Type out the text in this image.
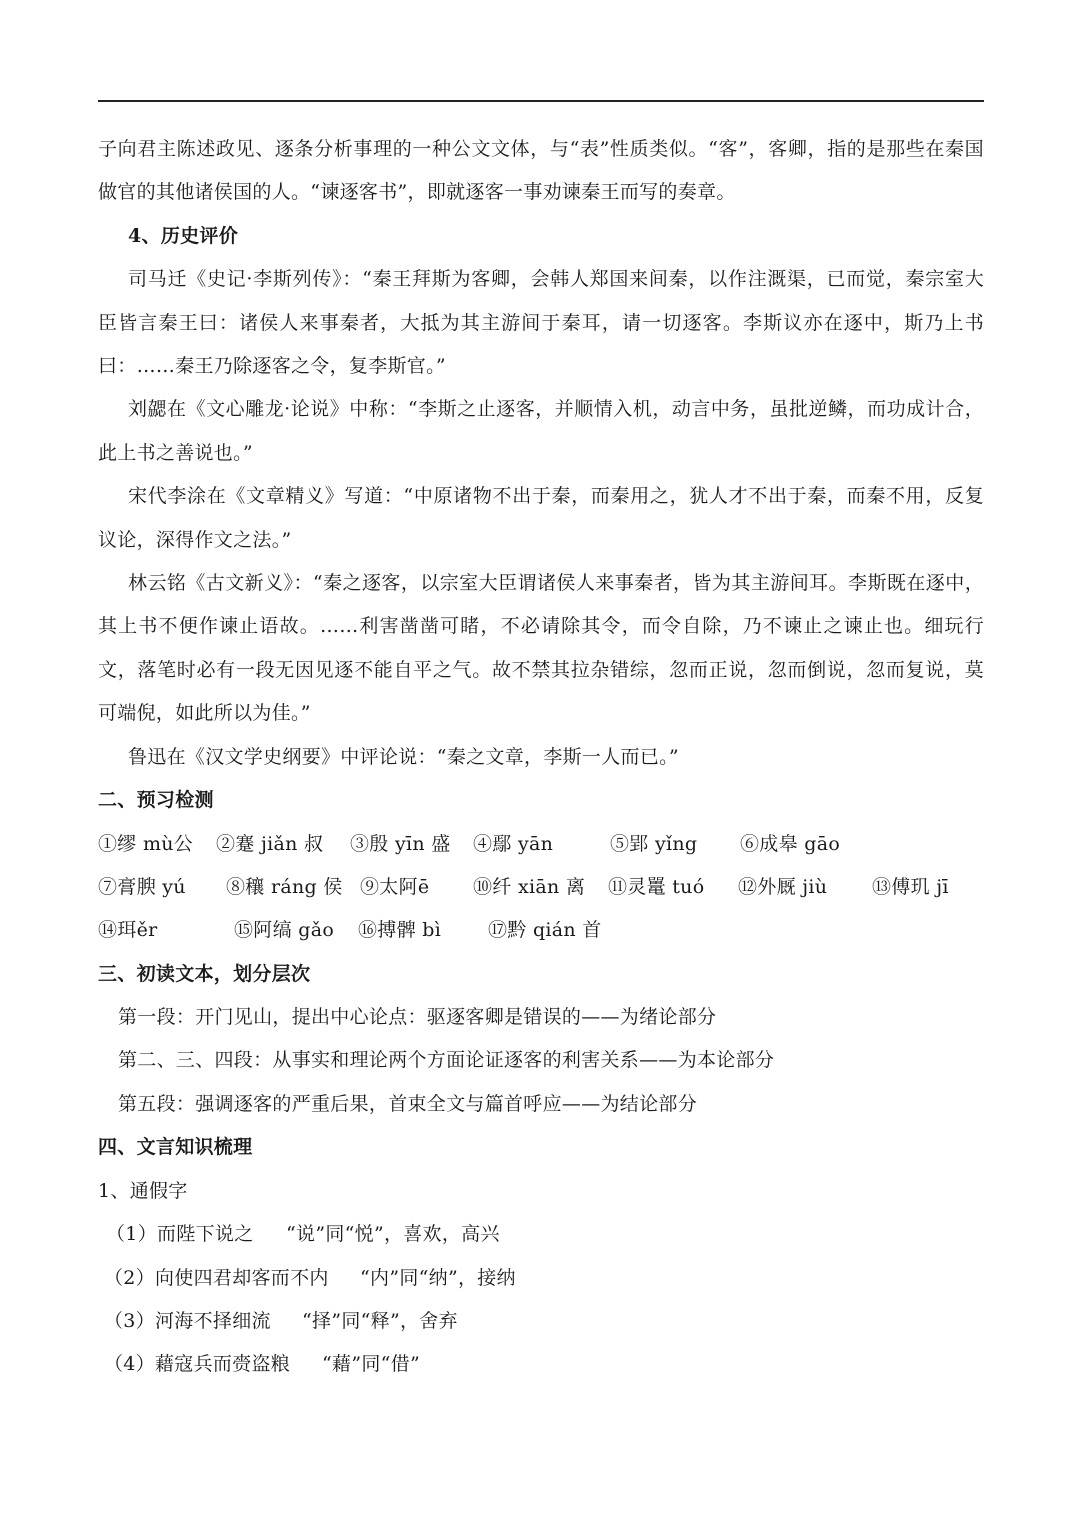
子向君主陈述政见、逐条分析事理的一种公文文体，与“表”性质类似。“客”，客卿，指的是那些在秦国做官的其他诸侯国的人。“谏逐客书”，即就逐客一事劝谏秦王而写的奏章。

4、历史评价

司马迁《史记·李斯列传》：“秦王拜斯为客卿，会韩人郑国来间秦，以作注溉渠，已而觉，秦宗室大臣皆言秦王曰：诸侯人来事秦者，大抵为其主游间于秦耳，请一切逐客。李斯议亦在逐中，斯乃上书曰：……秦王乃除逐客之令，复李斯官。”

刘勰在《文心雕龙·论说》中称：“李斯之止逐客，并顺情入机，动言中务，虽批逆鳞，而功成计合，此上书之善说也。”

宋代李涂在《文章精义》写道：“中原诸物不出于秦，而秦用之，犹人才不出于秦，而秦不用，反复议论，深得作文之法。”

林云铭《古文新义》：“秦之逐客，以宗室大臣谓诸侯人来事秦者，皆为其主游间耳。李斯既在逐中，其上书不便作谏止语故。……利害凿凿可睹，不必请除其令，而令自除，乃不谏止之谏止也。细玩行文，落笔时必有一段无因见逐不能自平之气。故不禁其拉杂错综，忽而正说，忽而倒说，忽而复说，莫可端倪，如此所以为佳。”

鲁迅在《汉文学史纲要》中评论说：“秦之文章，李斯一人而已。”

二、预习检测

①缪 mù公 ②蹇 jiǎn 叔 ③殷 yīn 盛 ④鄢 yān	⑤郢 yǐng ⑥成皋 gāo
⑦膏腴 yú ⑧穰 ráng 侯 ⑨太阿ē ⑩纤 xiān 离 ⑪灵鼍 tuó ⑫外厩 jiù ⑬傅玑 jī
⑭珥ěr	⑮阿缟 gǎo ⑯搏髀 bì ⑰黔 qián 首

三、初读文本，划分层次

第一段：开门见山，提出中心论点：驱逐客卿是错误的——为绪论部分

第二、三、四段：从事实和理论两个方面论证逐客的利害关系——为本论部分

第五段：强调逐客的严重后果，首束全文与篇首呼应——为结论部分

四、文言知识梳理

1、通假字

（1）而陛下说之 “说”同“悦”，喜欢，高兴
（2）向使四君却客而不内 “内”同“纳”，接纳
（3）河海不择细流 “择”同“释”，舍弃
（4）藉寇兵而赍盗粮 “藉”同“借”
